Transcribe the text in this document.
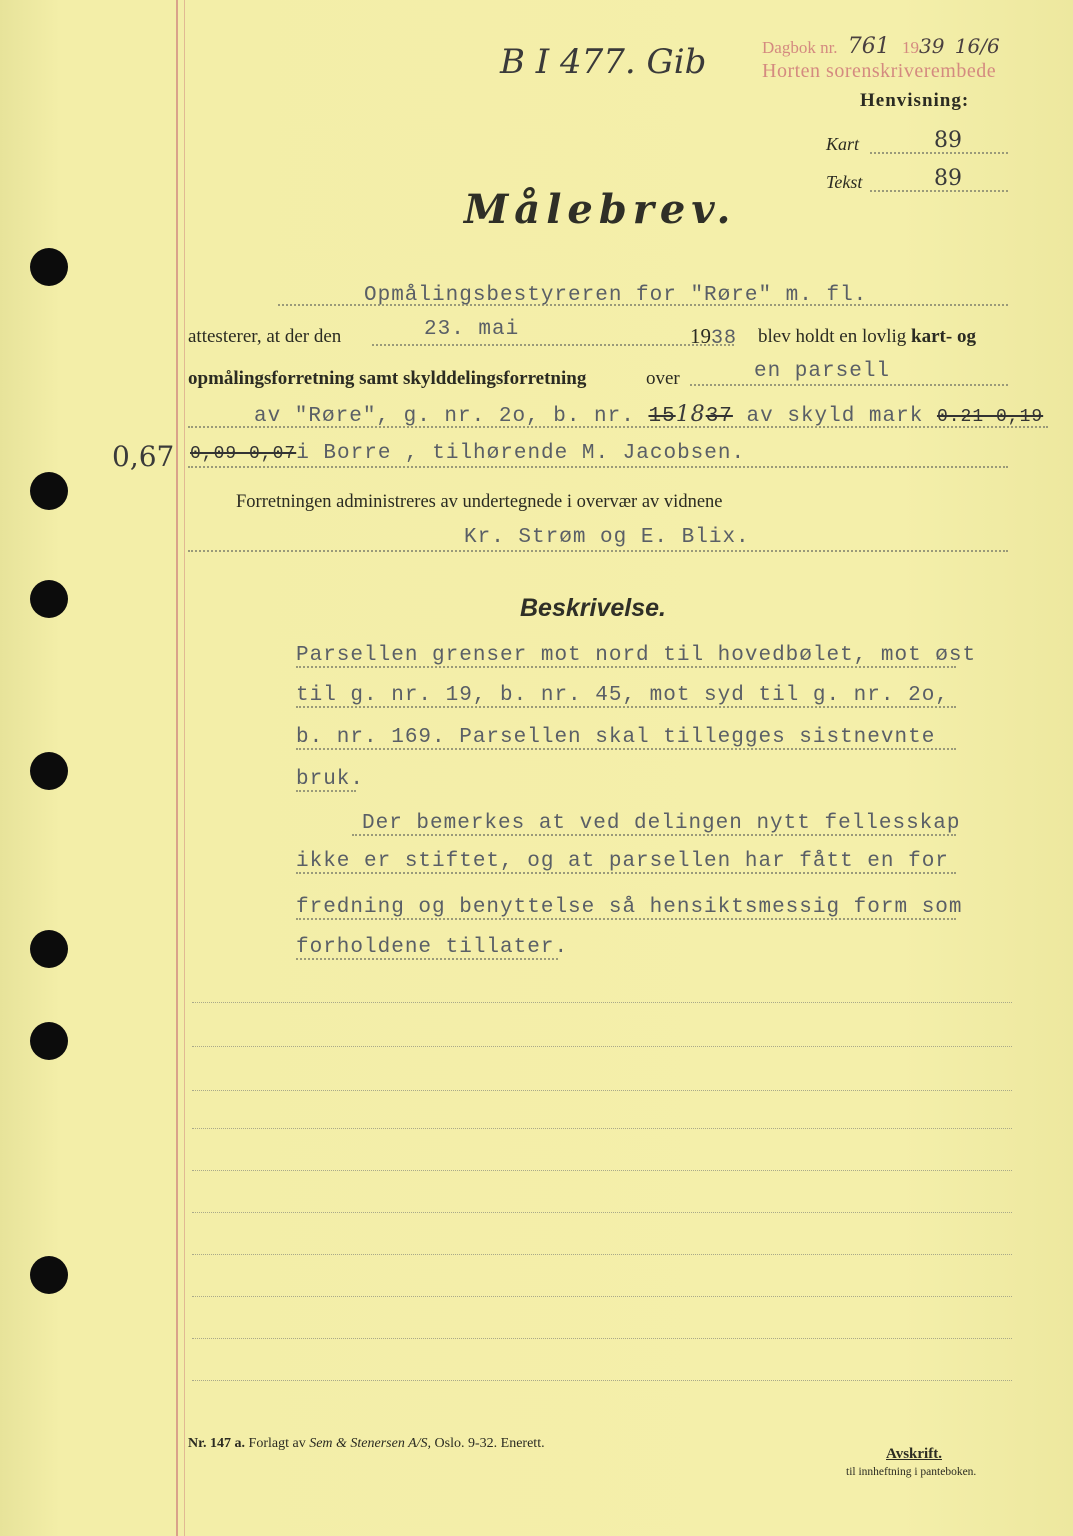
B I 477. Gib	Dagbok nr. 761 1939 16/6
Horten sorenskriverembede
Henvisning:
Kart	89
Tekst	89
Målebrev.
Opmålingsbestyreren for "Røre" m. fl.
attesterer, at der den	23. mai	1938 blev holdt en lovlig kart- og
opmålingsforretning samt skylddelingsforretning	over	en parsell
av "Røre", g. nr. 2o, b. nr. 151837 av skyld mark 0.21 0,19
0,67 0,09 0,07i Borre , tilhørende M. Jacobsen.
Forretningen administreres av undertegnede i overvær av vidnene
Kr. Strøm og E. Blix.
Beskrivelse.
Parsellen grenser mot nord til hovedbølet, mot øst
til g. nr. 19, b. nr. 45, mot syd til g. nr. 2o,
b. nr. 169. Parsellen skal tillegges sistnevnte
bruk.
Der bemerkes at ved delingen nytt fellesskap
ikke er stiftet, og at parsellen har fått en for
fredning og benyttelse så hensiktsmessig form som
forholdene tillater.
Nr. 147 a. Forlagt av Sem & Stenersen A/S, Oslo. 9-32. Enerett.
Avskrift.
til innheftning i panteboken.
